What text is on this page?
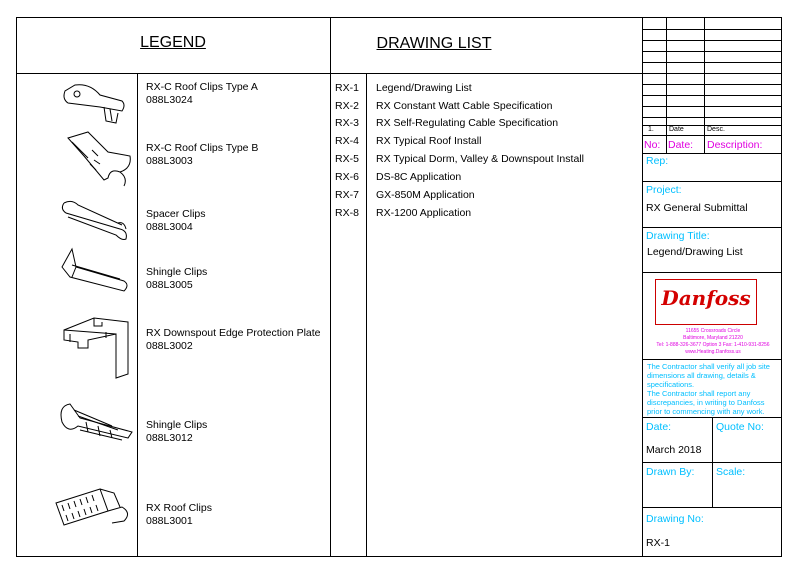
LEGEND	DRAWING LIST
RX-C Roof Clips Type A
088L3024
RX-C Roof Clips Type B
088L3003
Spacer Clips
088L3004
Shingle Clips
088L3005
RX Downspout Edge Protection Plate
088L3002
Shingle Clips
088L3012
RX Roof Clips
088L3001
RX-1 Legend/Drawing List
RX-2 RX Constant Watt Cable Specification
RX-3 RX Self-Regulating Cable Specification
RX-4 RX Typical Roof Install
RX-5 RX Typical Dorm, Valley & Downspout Install
RX-6 DS-8C Application
RX-7 GX-850M Application
RX-8 RX-1200 Application
1. Date	Desc.
No: Date: Description:
Rep:
Project:
RX General Submittal
Drawing Title:
Legend/Drawing List
Danfoss
11655 Crossroads Circle
Baltimore, Maryland 21220
Tel: 1-888-326-3677 Option 3 Fax: 1-410-931-8256
www.Heating.Danfoss.us
The Contractor shall verify all job site dimensions all drawing, details & specifications.
The Contractor shall report any discrepancies, in writing to Danfoss prior to commencing with any work.
Date:
March 2018
Quote No:
Drawn By: Scale:
Drawing No:
RX-1
